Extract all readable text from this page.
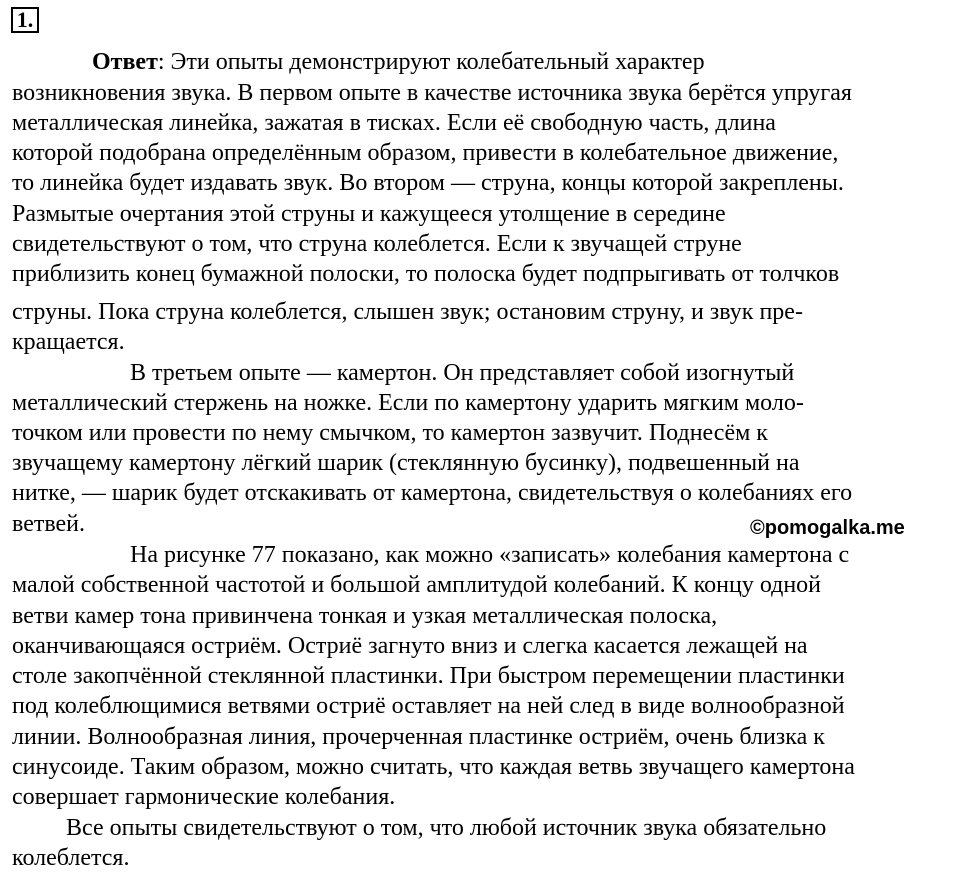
1.
Ответ: Эти опыты демонстрируют колебательный характер
возникновения звука. В первом опыте в качестве источника звука берётся упругая
металлическая линейка, зажатая в тисках. Если её свободную часть, длина
которой подобрана определённым образом, привести в колебательное движение,
то линейка будет издавать звук. Во втором — струна, концы которой закреплены.
Размытые очертания этой струны и кажущееся утолщение в середине
свидетельствуют о том, что струна колеблется. Если к звучащей струне
приблизить конец бумажной полоски, то полоска будет подпрыгивать от толчков
струны. Пока струна колеблется, слышен звук; остановим струну, и звук пре-
кращается.
В третьем опыте — камертон. Он представляет собой изогнутый
металлический стержень на ножке. Если по камертону ударить мягким моло-
точком или провести по нему смычком, то камертон зазвучит. Поднесём к
звучащему камертону лёгкий шарик (стеклянную бусинку), подвешенный на
нитке, — шарик будет отскакивать от камертона, свидетельствуя о колебаниях его
ветвей.	©pomogalka.me
На рисунке 77 показано, как можно «записать» колебания камертона с
малой собственной частотой и большой амплитудой колебаний. К концу одной
ветви камер тона привинчена тонкая и узкая металлическая полоска,
оканчивающаяся остриём. Остриё загнуто вниз и слегка касается лежащей на
столе закопчённой стеклянной пластинки. При быстром перемещении пластинки
под колеблющимися ветвями остриё оставляет на ней след в виде волнообразной
линии. Волнообразная линия, прочерченная пластинке остриём, очень близка к
синусоиде. Таким образом, можно считать, что каждая ветвь звучащего камертона
совершает гармонические колебания.
Все опыты свидетельствуют о том, что любой источник звука обязательно
колеблется.
